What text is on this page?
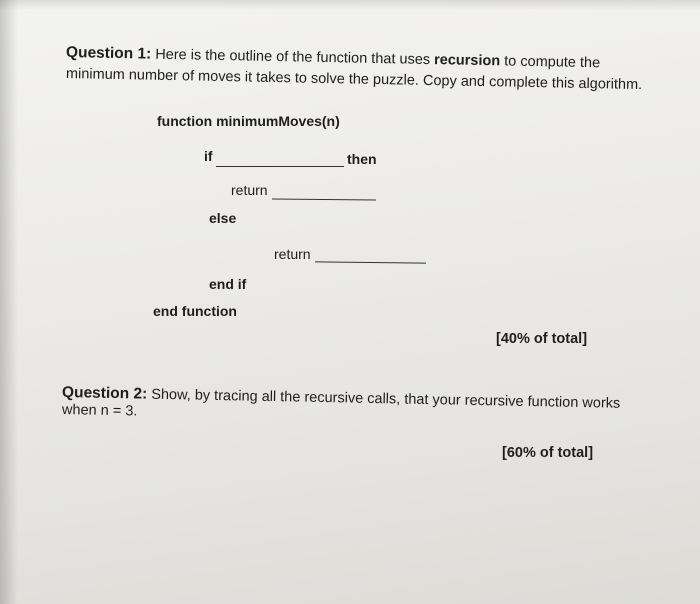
Question 1: Here is the outline of the function that uses recursion to compute the
minimum number of moves it takes to solve the puzzle. Copy and complete this algorithm.
function minimumMoves(n)
if	then
return
else
return
end if
end function
[40% of total]
Question 2: Show, by tracing all the recursive calls, that your recursive function works
when n = 3.
[60% of total]
